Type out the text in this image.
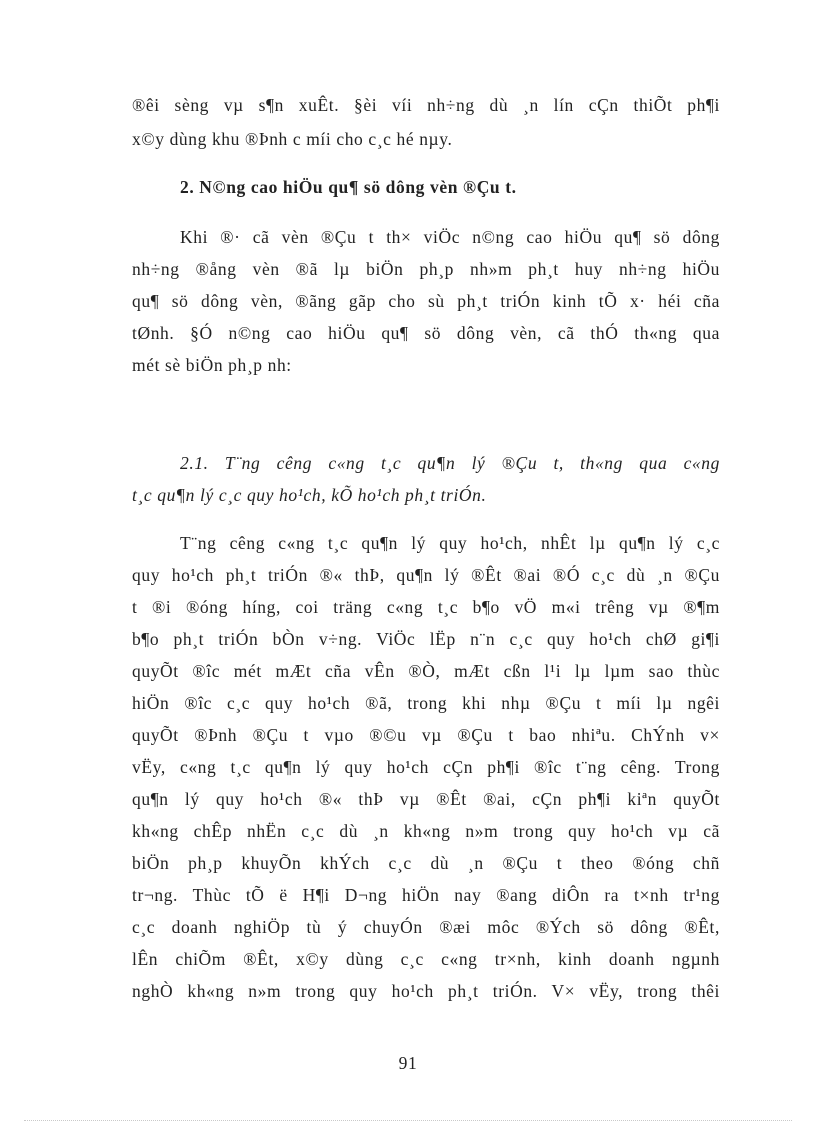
®êi sèng vµ s¶n xuÊt. §èi víi nh÷ng dù ¸n lín cÇn thiÕt ph¶i
x©y dùng khu ®Þnh c míi cho c¸c hé nµy.
2. N©ng cao hiÖu qu¶ sö dông vèn ®Çu t.
Khi ®· cã vèn ®Çu t th× viÖc n©ng cao hiÖu qu¶ sö dông
nh÷ng ®ång vèn ®ã lµ biÖn ph¸p nh»m ph¸t huy nh÷ng hiÖu
qu¶ sö dông vèn, ®ãng gãp cho sù ph¸t triÓn kinh tÕ x· héi cña
tØnh. §Ó n©ng cao hiÖu qu¶ sö dông vèn, cã thÓ th«ng qua
mét sè biÖn ph¸p nh:
2.1. T¨ng cêng c«ng t¸c qu¶n lý ®Çu t, th«ng qua c«ng
t¸c qu¶n lý c¸c quy ho¹ch, kÕ ho¹ch ph¸t triÓn.
T¨ng cêng c«ng t¸c qu¶n lý quy ho¹ch, nhÊt lµ qu¶n lý c¸c
quy ho¹ch ph¸t triÓn ®« thÞ, qu¶n lý ®Êt ®ai ®Ó c¸c dù ¸n ®Çu
t ®i ®óng híng, coi träng c«ng t¸c b¶o vÖ m«i trêng vµ ®¶m
b¶o ph¸t triÓn bÒn v÷ng. ViÖc lËp n¨n c¸c quy ho¹ch chØ gi¶i
quyÕt ®îc mét mÆt cña vÊn ®Ò, mÆt cßn l¹i lµ lµm sao thùc
hiÖn ®îc c¸c quy ho¹ch ®ã, trong khi nhµ ®Çu t míi lµ ngêi
quyÕt ®Þnh ®Çu t vµo ®©u vµ ®Çu t bao nhiªu. ChÝnh v×
vËy, c«ng t¸c qu¶n lý quy ho¹ch cÇn ph¶i ®îc t¨ng cêng. Trong
qu¶n lý quy ho¹ch ®« thÞ vµ ®Êt ®ai, cÇn ph¶i kiªn quyÕt
kh«ng chÊp nhËn c¸c dù ¸n kh«ng n»m trong quy ho¹ch vµ cã
biÖn ph¸p khuyÕn khÝch c¸c dù ¸n ®Çu t theo ®óng chñ
tr¬ng. Thùc tÕ ë H¶i D¬ng hiÖn nay ®ang diÔn ra t×nh tr¹ng
c¸c doanh nghiÖp tù ý chuyÓn ®æi môc ®Ých sö dông ®Êt,
lÊn chiÕm ®Êt, x©y dùng c¸c c«ng tr×nh, kinh doanh ngµnh
nghÒ kh«ng n»m trong quy ho¹ch ph¸t triÓn. V× vËy, trong thêi
91
